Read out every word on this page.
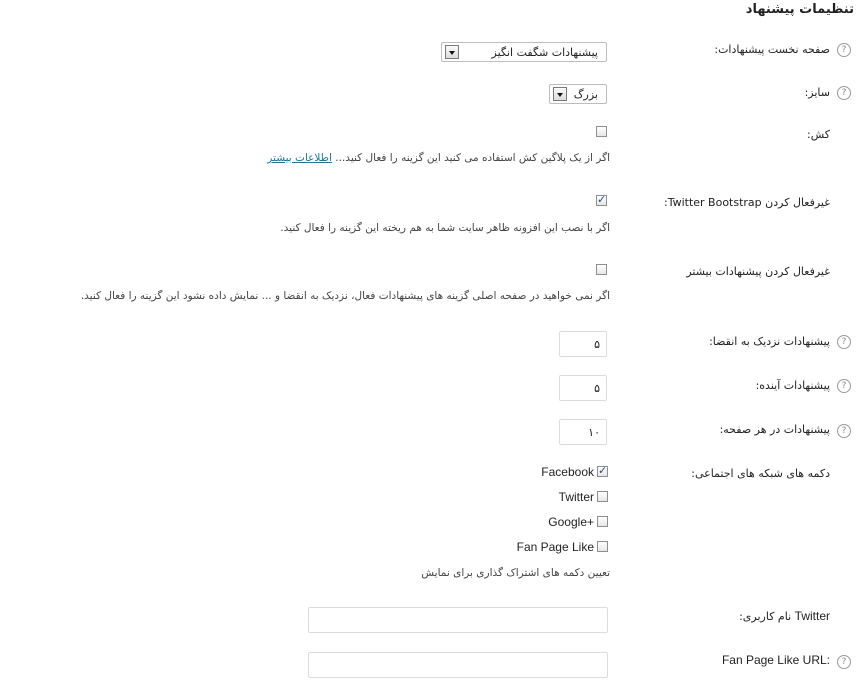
تنظیمات پیشنهاد
?
صفحه نخست پیشنهادات:
پیشنهادات شگفت انگیز
?
سایز:
بزرگ
کش:
اگر از یک پلاگین کش استفاده می کنید این گزینه را فعال کنید... اطلاعات بیشتر
غیرفعال کردن Twitter Bootstrap:
✓
اگر با نصب این افزونه ظاهر سایت شما به هم ریخته این گزینه را فعال کنید.
غیرفعال کردن پیشنهادات بیشتر
اگر نمی خواهید در صفحه اصلی گزینه های پیشنهادات فعال، نزدیک به انقضا و ... نمایش داده نشود این گزینه را فعال کنید.
?
پیشنهادات نزدیک به انقضا:
۵
?
پیشنهادات آینده:
۵
?
پیشنهادات در هر صفحه:
۱۰
دکمه های شبکه های اجتماعی:
Facebook
✓
Twitter
Google+
Fan Page Like
تعیین دکمه های اشتراک گذاری برای نمایش
Twitter نام کاربری:
?
Fan Page Like URL:
